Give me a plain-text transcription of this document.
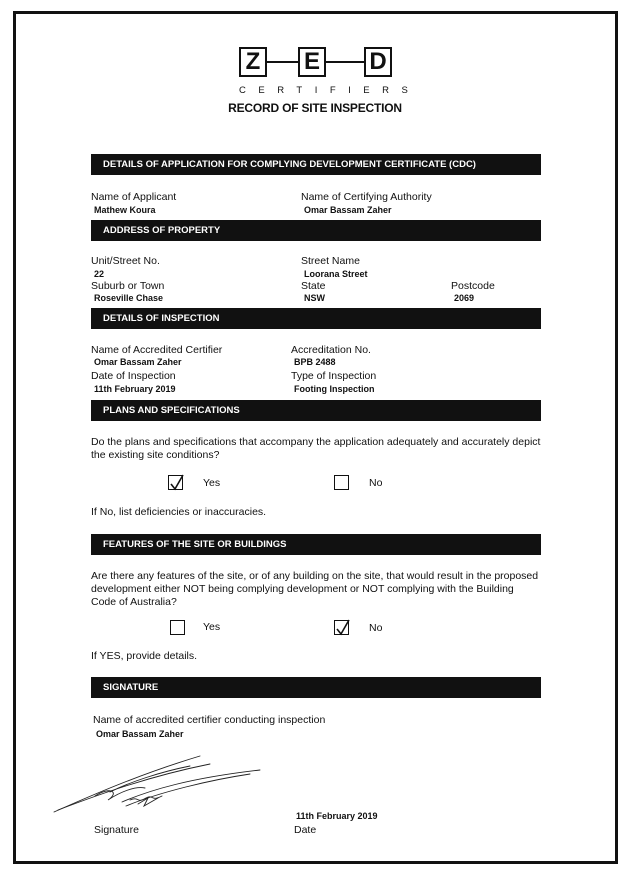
Z E D
CERTIFIERS
RECORD OF SITE INSPECTION
DETAILS OF APPLICATION FOR COMPLYING DEVELOPMENT CERTIFICATE (CDC)
Name of Applicant
Mathew Koura
Name of Certifying Authority
Omar Bassam Zaher
ADDRESS OF PROPERTY
Unit/Street No.
22
Street Name
Loorana Street
Suburb or Town
Roseville Chase
State
NSW
Postcode
2069
DETAILS OF INSPECTION
Name of Accredited Certifier
Omar Bassam Zaher
Accreditation No.
BPB 2488
Date of Inspection
11th February 2019
Type of Inspection
Footing Inspection
PLANS AND SPECIFICATIONS
Do the plans and specifications that accompany the application adequately and accurately depict the existing site conditions?
Yes	No
If No, list deficiencies or inaccuracies.
FEATURES OF THE SITE OR BUILDINGS
Are there any features of the site, or of any building on the site, that would result in the proposed development either NOT being complying development or NOT complying with the Building Code of Australia?
Yes	No
If YES, provide details.
SIGNATURE
Name of accredited certifier conducting inspection
Omar Bassam Zaher
11th February 2019
Signature	Date
